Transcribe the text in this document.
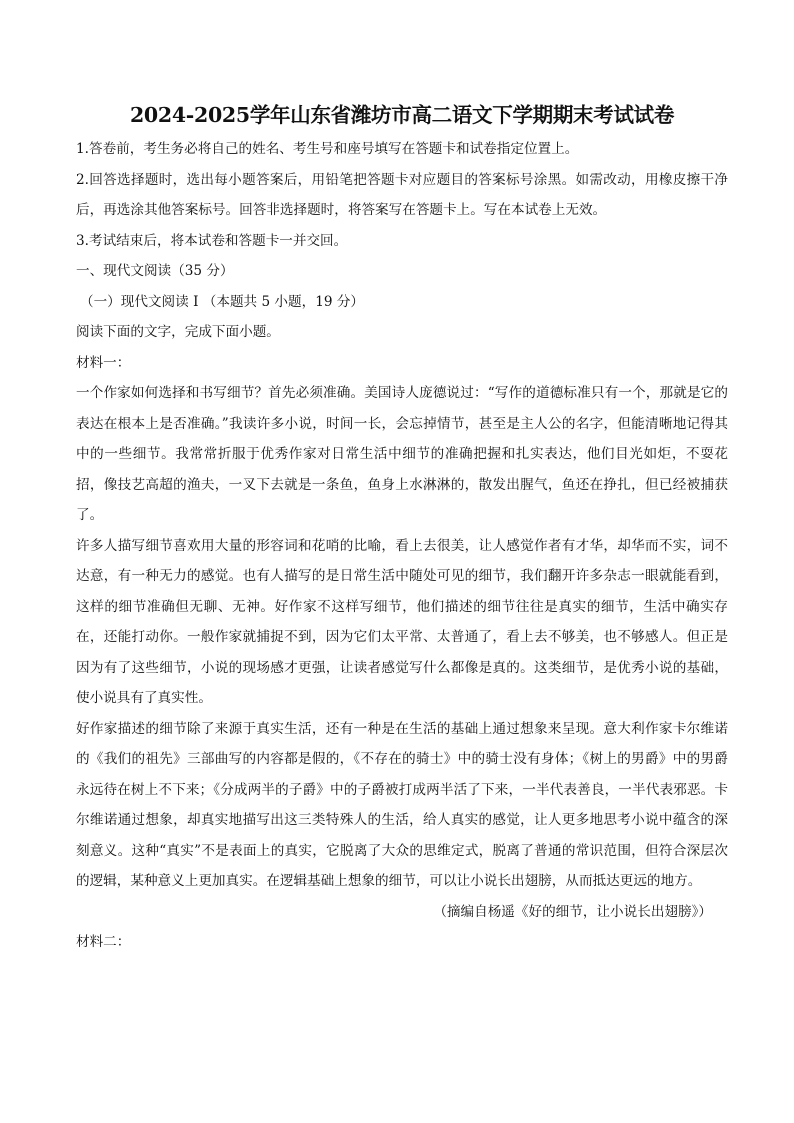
2024-2025学年山东省潍坊市高二语文下学期期末考试试卷

1.答卷前，考生务必将自己的姓名、考生号和座号填写在答题卡和试卷指定位置上。

2.回答选择题时，选出每小题答案后，用铅笔把答题卡对应题目的答案标号涂黑。如需改动，用橡皮擦干净后，再选涂其他答案标号。回答非选择题时，将答案写在答题卡上。写在本试卷上无效。

3.考试结束后，将本试卷和答题卡一并交回。

一、现代文阅读（35 分）

（一）现代文阅读 I （本题共 5 小题，19 分）

阅读下面的文字，完成下面小题。

材料一：

一个作家如何选择和书写细节？首先必须准确。美国诗人庞德说过：“写作的道德标准只有一个，那就是它的表达在根本上是否准确。”我读许多小说，时间一长，会忘掉情节，甚至是主人公的名字，但能清晰地记得其中的一些细节。我常常折服于优秀作家对日常生活中细节的准确把握和扎实表达，他们目光如炬，不耍花招，像技艺高超的渔夫，一叉下去就是一条鱼，鱼身上水淋淋的，散发出腥气，鱼还在挣扎，但已经被捕获了。

许多人描写细节喜欢用大量的形容词和花哨的比喻，看上去很美，让人感觉作者有才华，却华而不实，词不达意，有一种无力的感觉。也有人描写的是日常生活中随处可见的细节，我们翻开许多杂志一眼就能看到，这样的细节准确但无聊、无神。好作家不这样写细节，他们描述的细节往往是真实的细节，生活中确实存在，还能打动你。一般作家就捕捉不到，因为它们太平常、太普通了，看上去不够美，也不够感人。但正是因为有了这些细节，小说的现场感才更强，让读者感觉写什么都像是真的。这类细节，是优秀小说的基础，使小说具有了真实性。

好作家描述的细节除了来源于真实生活，还有一种是在生活的基础上通过想象来呈现。意大利作家卡尔维诺的《我们的祖先》三部曲写的内容都是假的，《不存在的骑士》中的骑士没有身体；《树上的男爵》中的男爵永远待在树上不下来；《分成两半的子爵》中的子爵被打成两半活了下来，一半代表善良，一半代表邪恶。卡尔维诺通过想象，却真实地描写出这三类特殊人的生活，给人真实的感觉，让人更多地思考小说中蕴含的深刻意义。这种“真实”不是表面上的真实，它脱离了大众的思维定式，脱离了普通的常识范围，但符合深层次的逻辑，某种意义上更加真实。在逻辑基础上想象的细节，可以让小说长出翅膀，从而抵达更远的地方。

（摘编自杨遥《好的细节，让小说长出翅膀》）

材料二：
